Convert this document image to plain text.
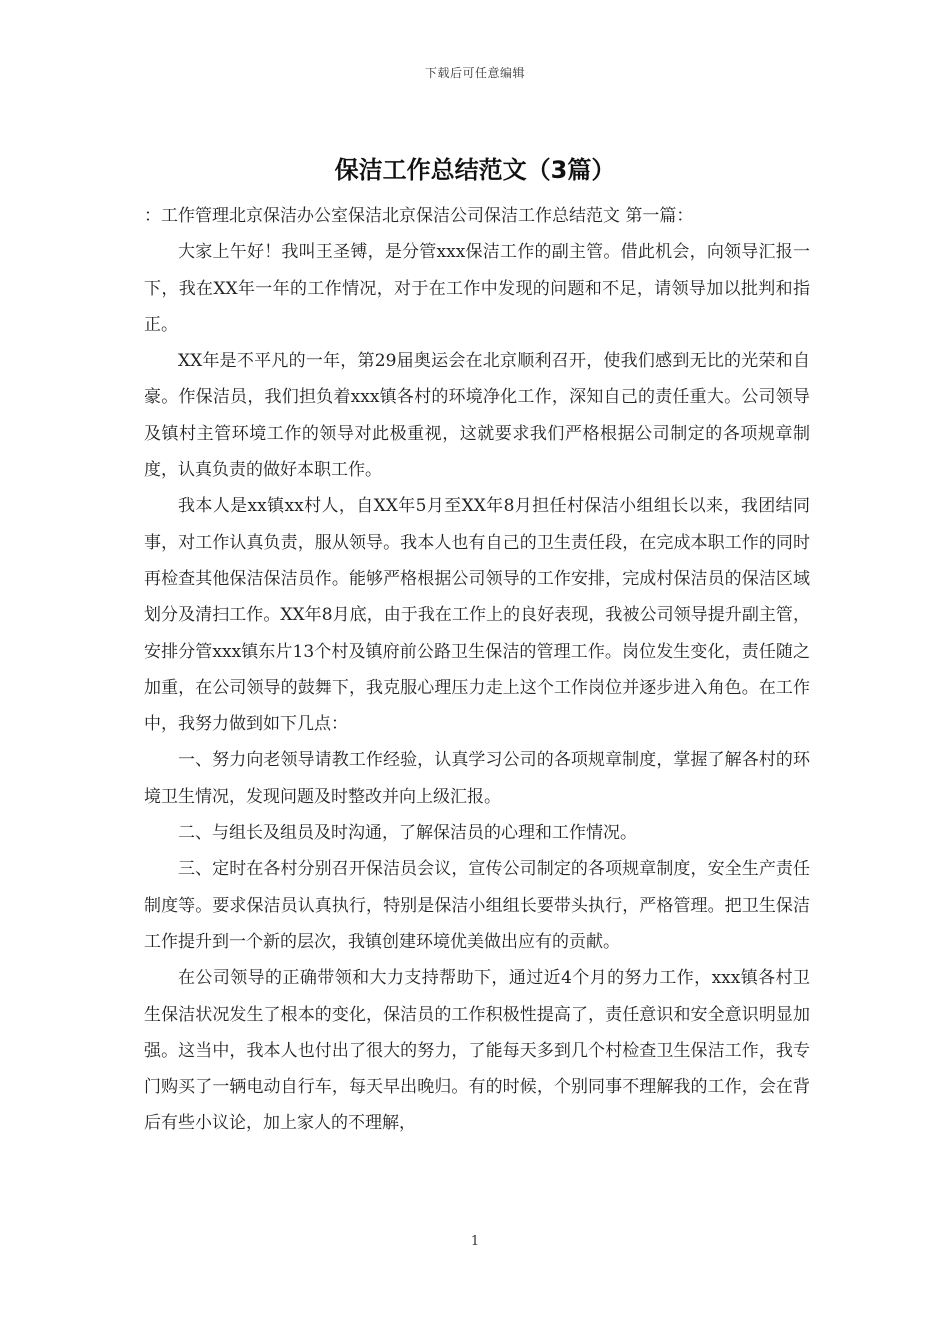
下载后可任意编辑
保洁工作总结范文（3篇）

：工作管理北京保洁办公室保洁北京保洁公司保洁工作总结范文 第一篇：

大家上午好！我叫王圣镈，是分管xxx保洁工作的副主管。借此机会，向领导汇报一下，我在XX年一年的工作情况，对于在工作中发现的问题和不足，请领导加以批判和指正。

XX年是不平凡的一年，第29届奥运会在北京顺利召开，使我们感到无比的光荣和自豪。作保洁员，我们担负着xxx镇各村的环境净化工作，深知自己的责任重大。公司领导及镇村主管环境工作的领导对此极重视，这就要求我们严格根据公司制定的各项规章制度，认真负责的做好本职工作。

我本人是xx镇xx村人，自XX年5月至XX年8月担任村保洁小组组长以来，我团结同事，对工作认真负责，服从领导。我本人也有自己的卫生责任段，在完成本职工作的同时再检查其他保洁保洁员作。能够严格根据公司领导的工作安排，完成村保洁员的保洁区域划分及清扫工作。XX年8月底，由于我在工作上的良好表现，我被公司领导提升副主管，安排分管xxx镇东片13个村及镇府前公路卫生保洁的管理工作。岗位发生变化，责任随之加重，在公司领导的鼓舞下，我克服心理压力走上这个工作岗位并逐步进入角色。在工作中，我努力做到如下几点：

一、努力向老领导请教工作经验，认真学习公司的各项规章制度，掌握了解各村的环境卫生情况，发现问题及时整改并向上级汇报。

二、与组长及组员及时沟通，了解保洁员的心理和工作情况。

三、定时在各村分别召开保洁员会议，宣传公司制定的各项规章制度，安全生产责任制度等。要求保洁员认真执行，特别是保洁小组组长要带头执行，严格管理。把卫生保洁工作提升到一个新的层次，我镇创建环境优美做出应有的贡献。

在公司领导的正确带领和大力支持帮助下，通过近4个月的努力工作，xxx镇各村卫生保洁状况发生了根本的变化，保洁员的工作积极性提高了，责任意识和安全意识明显加强。这当中，我本人也付出了很大的努力，了能每天多到几个村检查卫生保洁工作，我专门购买了一辆电动自行车，每天早出晚归。有的时候，个别同事不理解我的工作，会在背后有些小议论，加上家人的不理解，

1
